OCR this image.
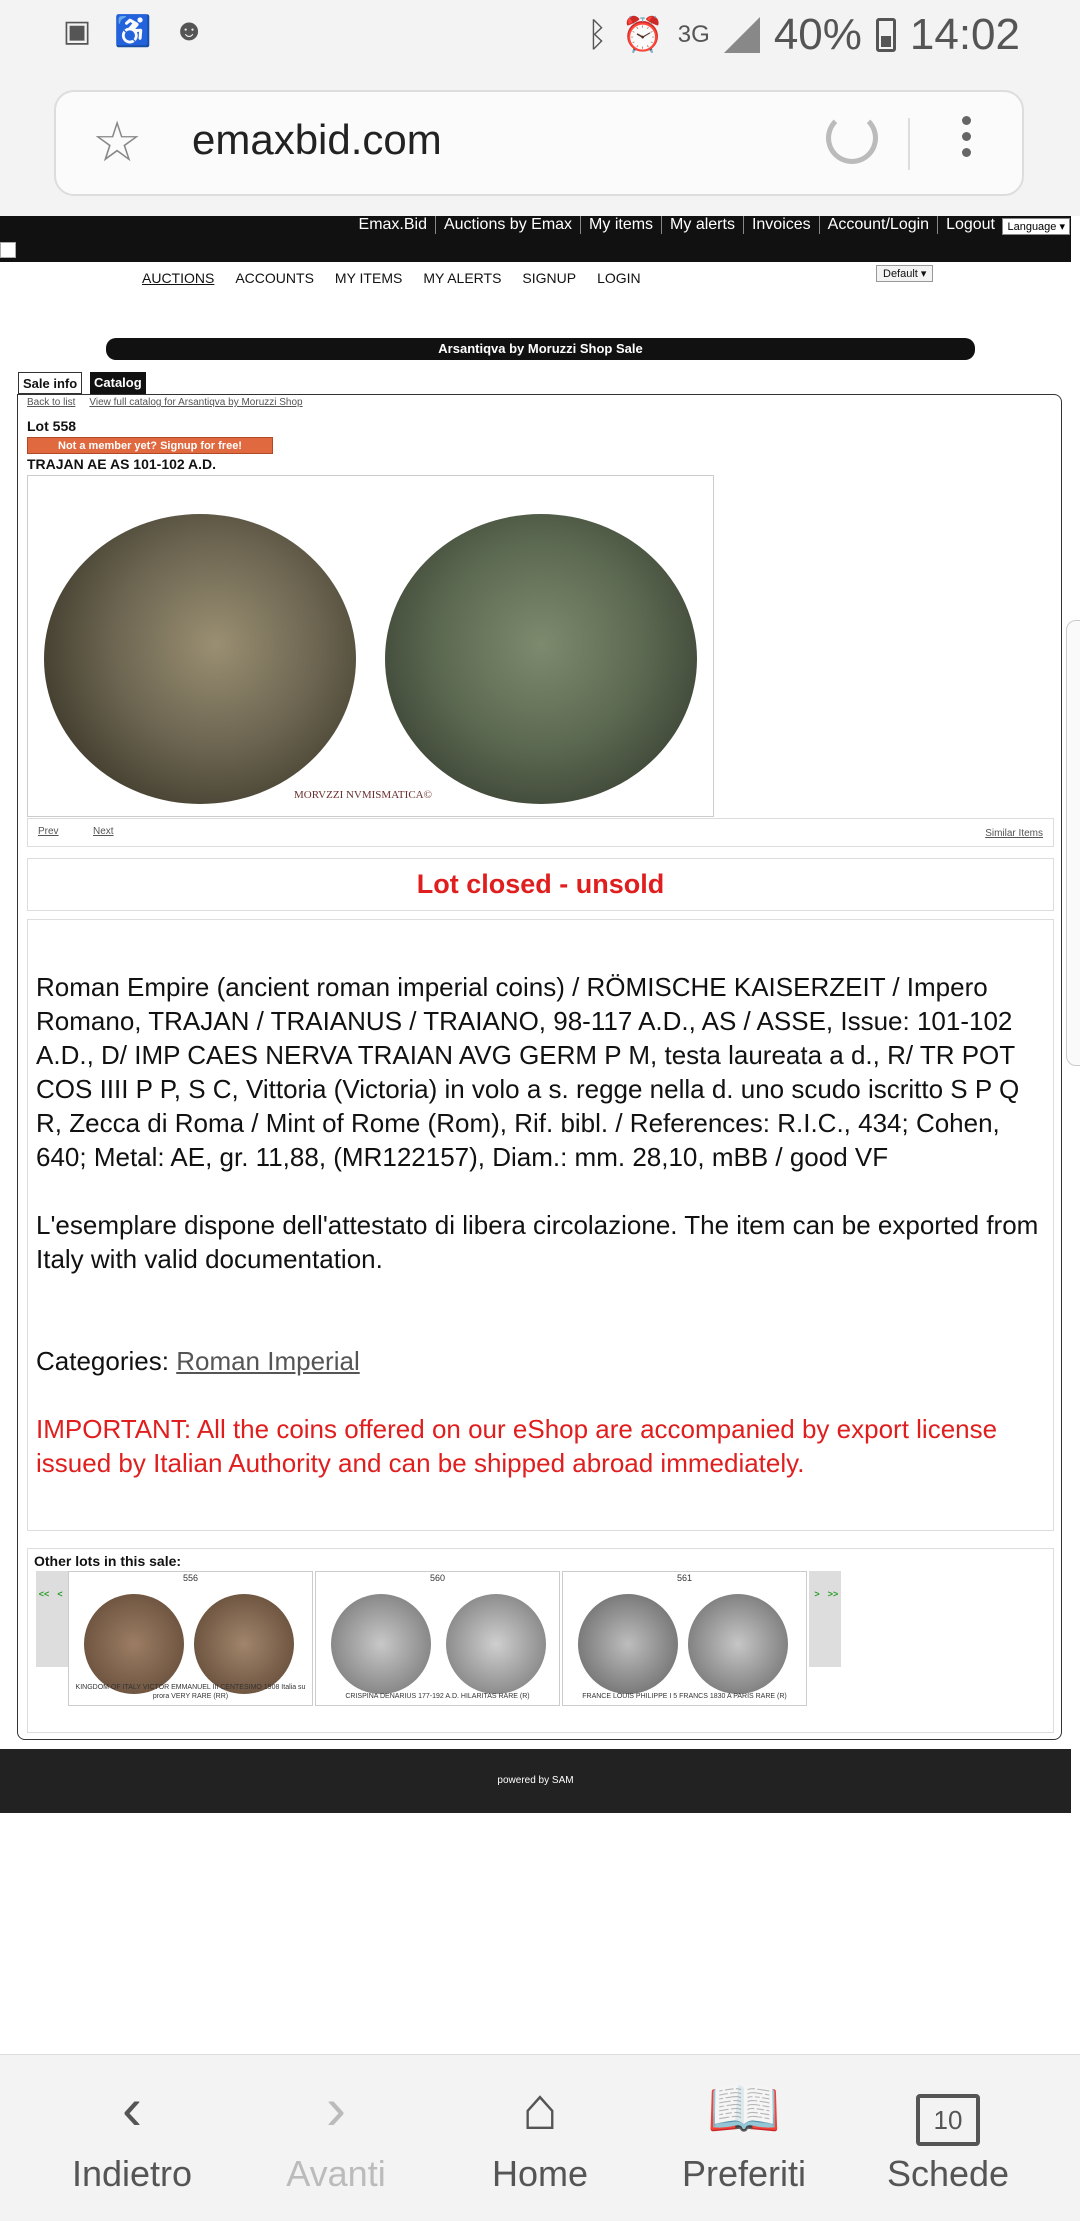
▣ ♿ ☻	ᛒ ⏰ 3G 40% 14:02
☆ emaxbid.com
Emax.Bid	Auctions by Emax	My items	My alerts	Invoices	Account/Login	Logout	Language ▾
AUCTIONS ACCOUNTS MY ITEMS MY ALERTS SIGNUP LOGIN	Default ▾
Arsantiqva by Moruzzi Shop Sale
Sale info	Catalog
Back to list View full catalog for Arsantiqva by Moruzzi Shop
Lot 558
Not a member yet? Signup for free!
TRAJAN AE AS 101-102 A.D.
MORVZZI NVMISMATICA©
Prev	Next	Similar Items
Lot closed - unsold

Roman Empire (ancient roman imperial coins) / RÖMISCHE KAISERZEIT / Impero Romano, TRAJAN / TRAIANUS / TRAIANO, 98-117 A.D., AS / ASSE, Issue: 101-102 A.D., D/ IMP CAES NERVA TRAIAN AVG GERM P M, testa laureata a d., R/ TR POT COS IIII P P, S C, Vittoria (Victoria) in volo a s. regge nella d. uno scudo iscritto S P Q R, Zecca di Roma / Mint of Rome (Rom), Rif. bibl. / References: R.I.C., 434; Cohen, 640; Metal: AE, gr. 11,88, (MR122157), Diam.: mm. 28,10, mBB / good VF

L'esemplare dispone dell'attestato di libera circolazione. The item can be exported from Italy with valid documentation.

Categories: Roman Imperial

IMPORTANT: All the coins offered on our eShop are accompanied by export license issued by Italian Authority and can be shipped abroad immediately.

Other lots in this sale:
<< <
556
KINGDOM OF ITALY VICTOR EMMANUEL III CENTESIMO 1908 Italia su prora VERY RARE (RR)
560
CRISPINA DENARIUS 177-192 A.D. HILARITAS RARE (R)
561
FRANCE LOUIS PHILIPPE I 5 FRANCS 1830 A PARIS RARE (R)
> >>
powered by SAM
‹
Indietro
›
Avanti
⌂
Home
📖
Preferiti
10
Schede
